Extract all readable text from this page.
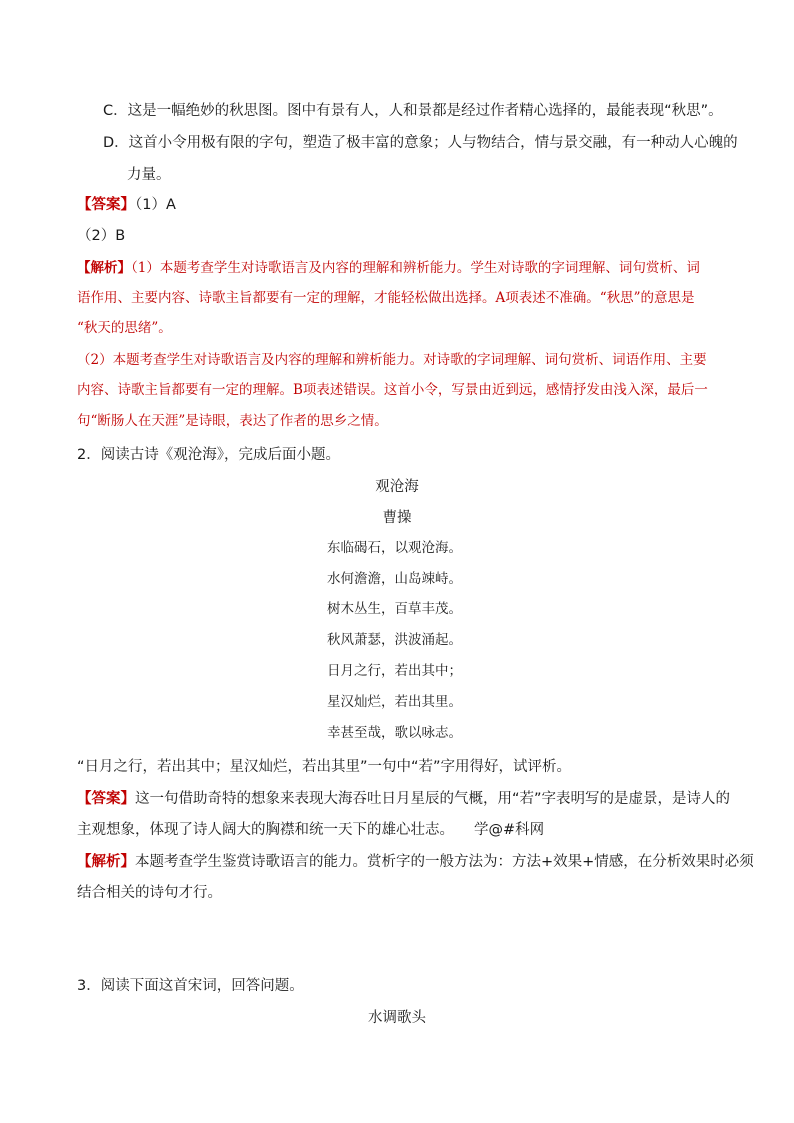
C．这是一幅绝妙的秋思图。图中有景有人，人和景都是经过作者精心选择的，最能表现“秋思”。
D．这首小令用极有限的字句，塑造了极丰富的意象；人与物结合，情与景交融，有一种动人心魄的
力量。
【答案】（1）A
（2）B
【解析】（1）本题考查学生对诗歌语言及内容的理解和辨析能力。学生对诗歌的字词理解、词句赏析、词
语作用、主要内容、诗歌主旨都要有一定的理解，才能轻松做出选择。A项表述不准确。“秋思”的意思是
“秋天的思绪”。
（2）本题考查学生对诗歌语言及内容的理解和辨析能力。对诗歌的字词理解、词句赏析、词语作用、主要
内容、诗歌主旨都要有一定的理解。B项表述错误。这首小令，写景由近到远，感情抒发由浅入深，最后一
句“断肠人在天涯”是诗眼，表达了作者的思乡之情。
2．阅读古诗《观沧海》，完成后面小题。
观沧海
曹操
东临碣石，以观沧海。
水何澹澹，山岛竦峙。
树木丛生，百草丰茂。
秋风萧瑟，洪波涌起。
日月之行，若出其中；
星汉灿烂，若出其里。
幸甚至哉，歌以咏志。
“日月之行，若出其中；星汉灿烂，若出其里”一句中“若”字用得好，试评析。
【答案】这一句借助奇特的想象来表现大海吞吐日月星辰的气概，用“若”字表明写的是虚景，是诗人的
主观想象，体现了诗人阔大的胸襟和统一天下的雄心壮志。 学@#科网
【解析】本题考查学生鉴赏诗歌语言的能力。赏析字的一般方法为：方法+效果+情感，在分析效果时必须
结合相关的诗句才行。
3．阅读下面这首宋词，回答问题。
水调歌头
